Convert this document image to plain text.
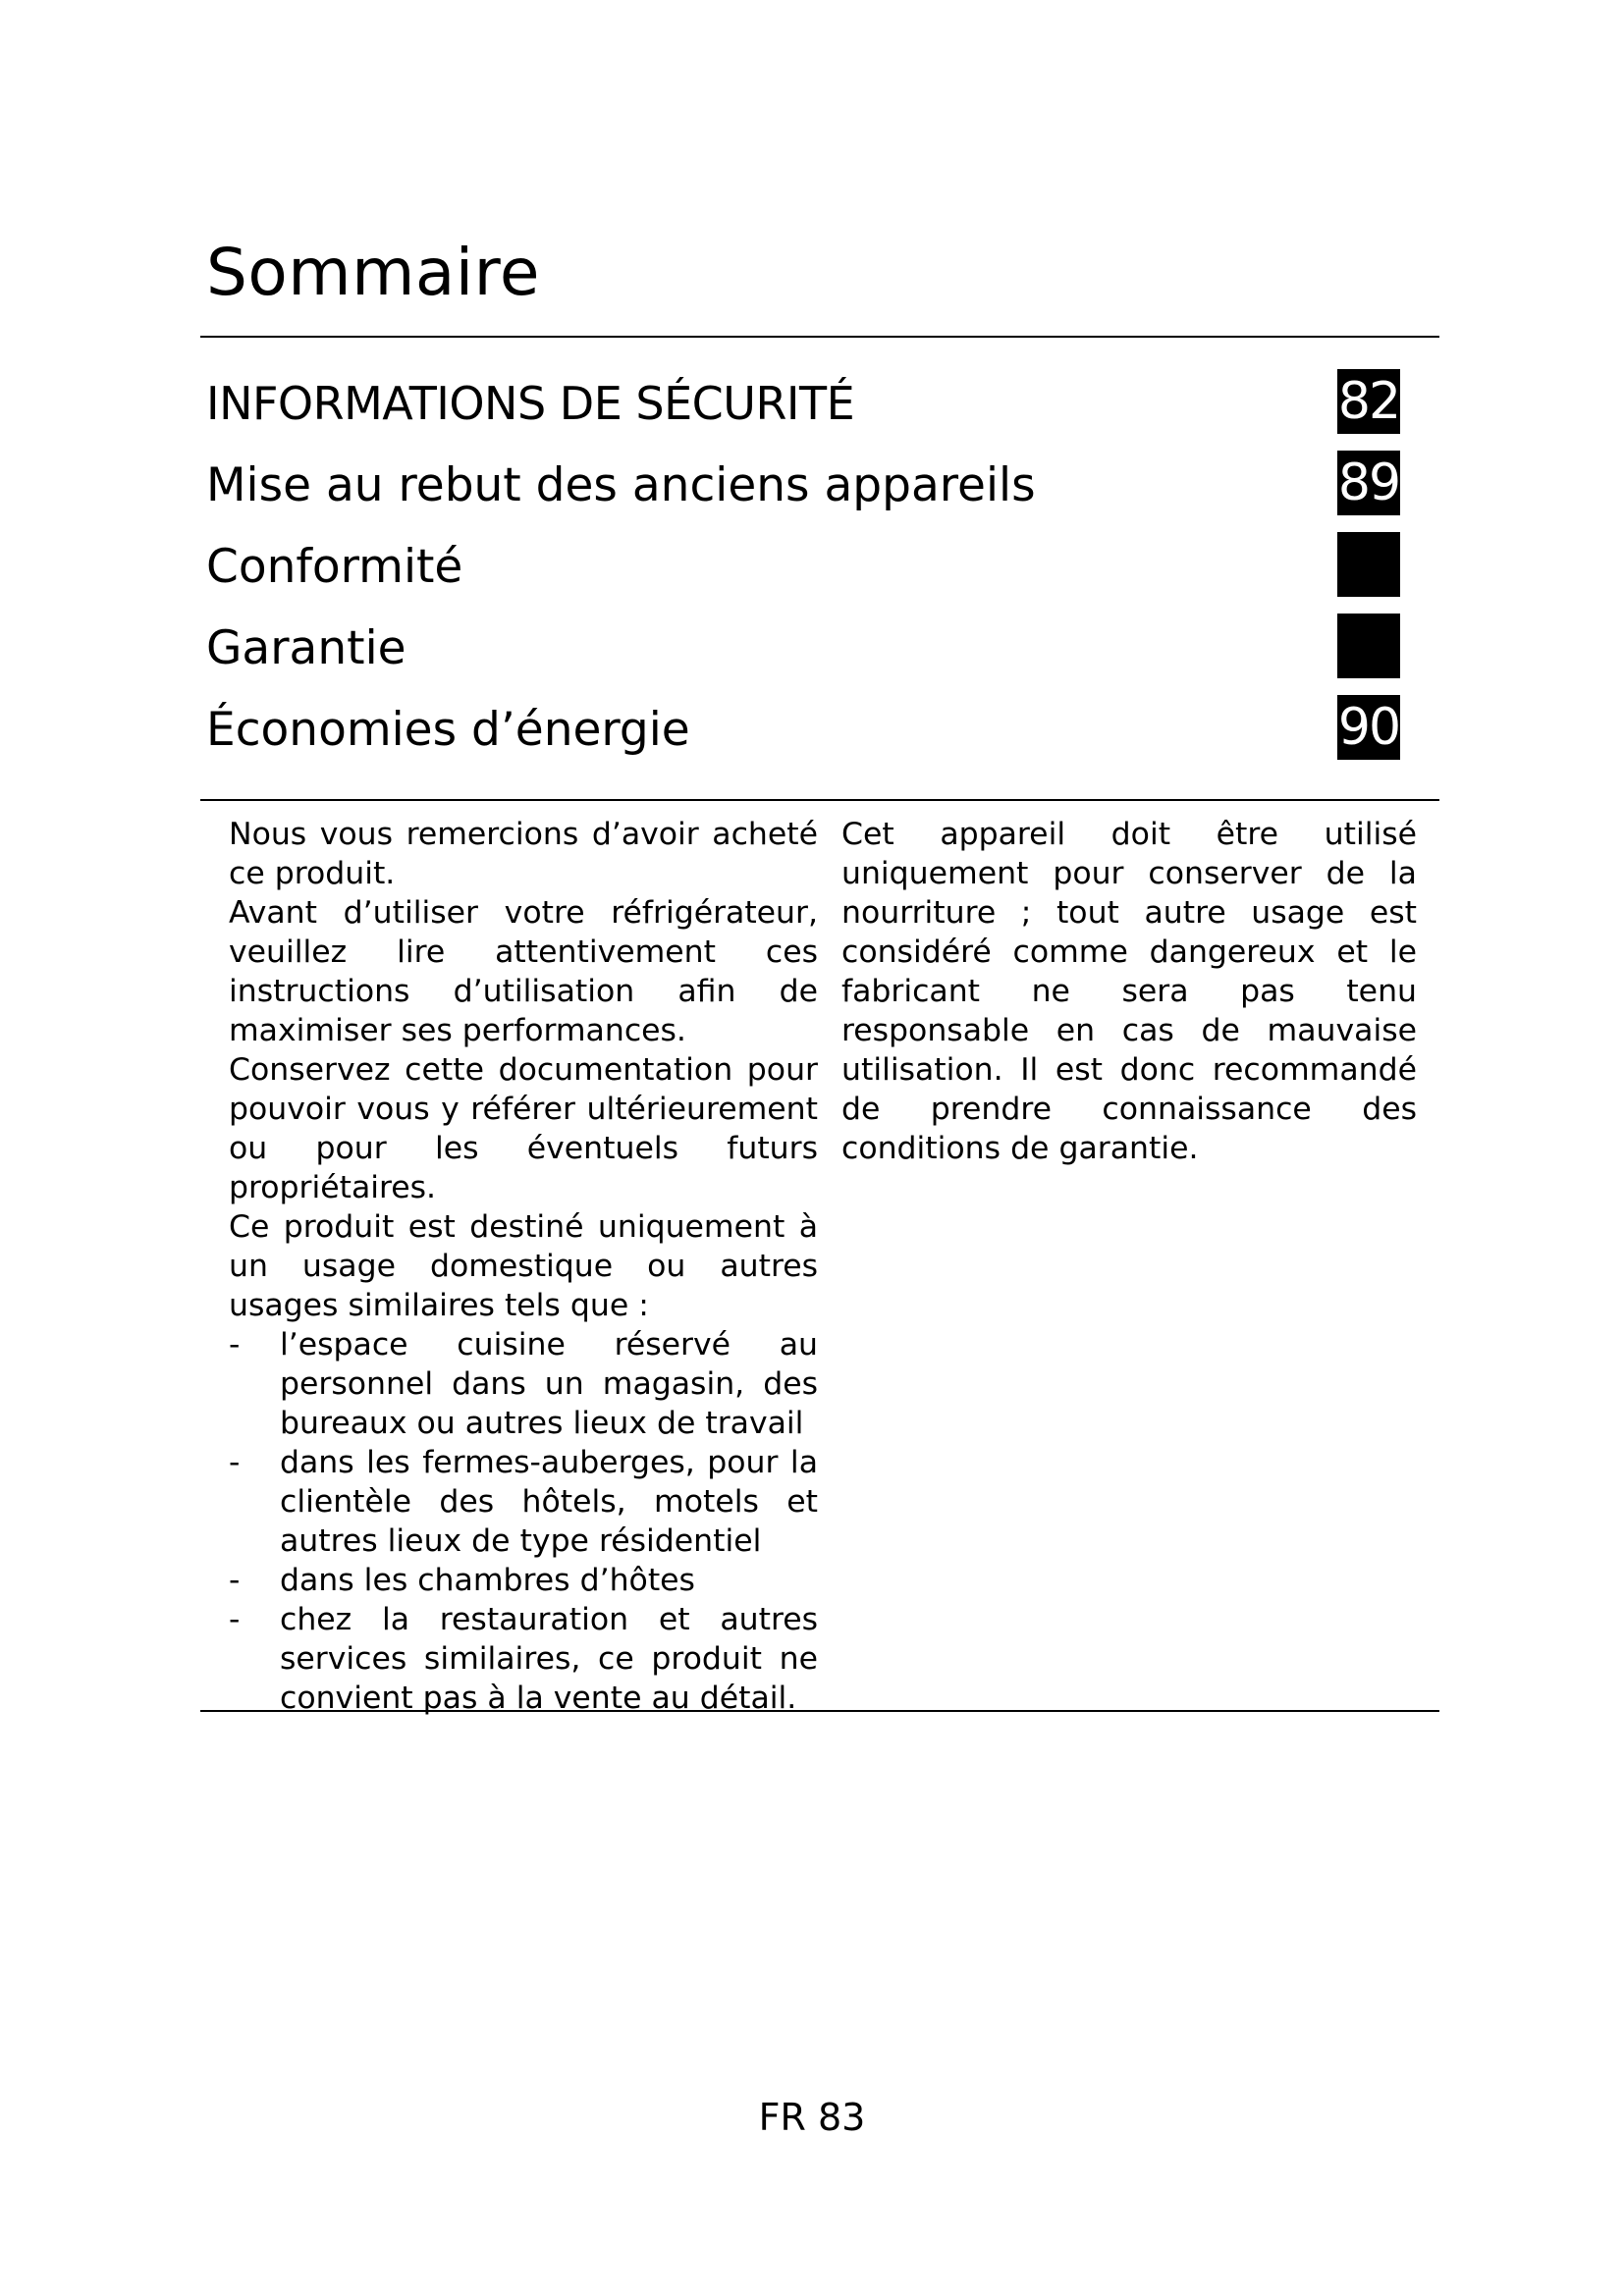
Sommaire
INFORMATIONS DE SÉCURITÉ	82
Mise au rebut des anciens appareils	89
Conformité
Garantie
Économies d’énergie	90

Nous vous remercions d’avoir acheté ce produit.

Avant d’utiliser votre réfrigérateur, veuillez lire attentivement ces instructions d’utilisation afin de maximiser ses performances.

Conservez cette documentation pour pouvoir vous y référer ultérieurement ou pour les éventuels futurs propriétaires.

Ce produit est destiné uniquement à un usage domestique ou autres usages similaires tels que :

- l’espace cuisine réservé au personnel dans un magasin, des bureaux ou autres lieux de travail
- dans les fermes-auberges, pour la clientèle des hôtels, motels et autres lieux de type résidentiel
- dans les chambres d’hôtes
- chez la restauration et autres services similaires, ce produit ne convient pas à la vente au détail.

Cet appareil doit être utilisé uniquement pour conserver de la nourriture ; tout autre usage est considéré comme dangereux et le fabricant ne sera pas tenu responsable en cas de mauvaise utilisation. Il est donc recommandé de prendre connaissance des conditions de garantie.

FR 83
